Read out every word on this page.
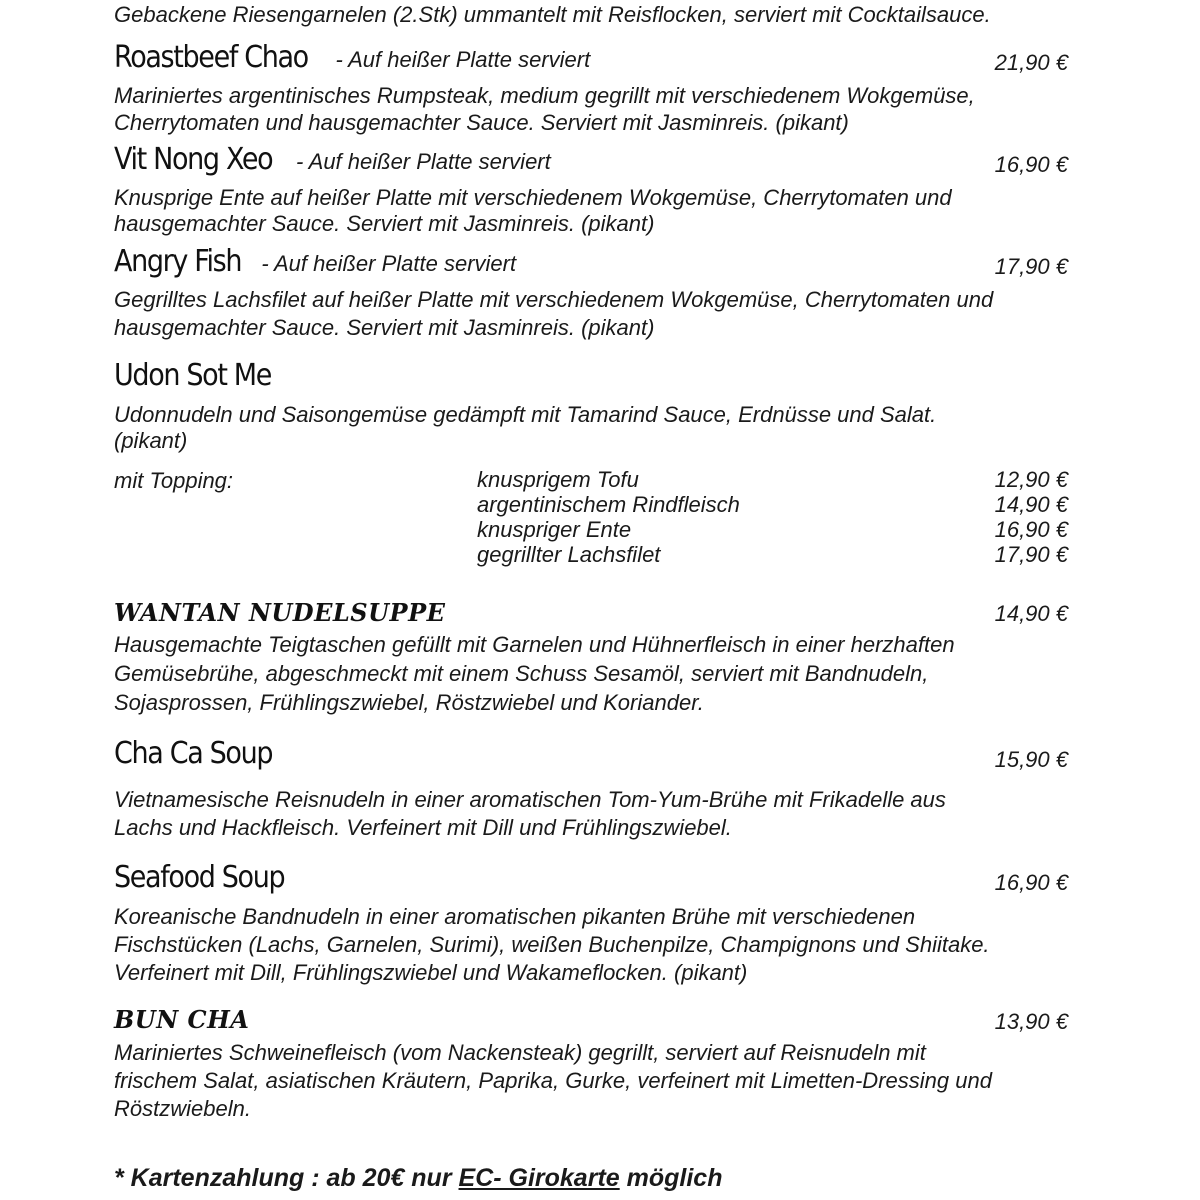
Gebackene Riesengarnelen (2.Stk) ummantelt mit Reisflocken, serviert mit Cocktailsauce.
Roastbeef Chao - Auf heißer Platte serviert	21,90 €
Mariniertes argentinisches Rumpsteak, medium gegrillt mit verschiedenem Wokgemüse,
Cherrytomaten und hausgemachter Sauce. Serviert mit Jasminreis. (pikant)
Vit Nong Xeo - Auf heißer Platte serviert	16,90 €
Knusprige Ente auf heißer Platte mit verschiedenem Wokgemüse, Cherrytomaten und
hausgemachter Sauce. Serviert mit Jasminreis. (pikant)
Angry Fish - Auf heißer Platte serviert	17,90 €
Gegrilltes Lachsfilet auf heißer Platte mit verschiedenem Wokgemüse, Cherrytomaten und
hausgemachter Sauce. Serviert mit Jasminreis. (pikant)
Udon Sot Me
Udonnudeln und Saisongemüse gedämpft mit Tamarind Sauce, Erdnüsse und Salat.
(pikant)
mit Topping:	knusprigem Tofu	12,90 €
argentinischem Rindfleisch	14,90 €
knuspriger Ente	16,90 €
gegrillter Lachsfilet	17,90 €
WANTAN NUDELSUPPE	14,90 €
Hausgemachte Teigtaschen gefüllt mit Garnelen und Hühnerfleisch in einer herzhaften
Gemüsebrühe, abgeschmeckt mit einem Schuss Sesamöl, serviert mit Bandnudeln,
Sojasprossen, Frühlingszwiebel, Röstzwiebel und Koriander.
Cha Ca Soup	15,90 €
Vietnamesische Reisnudeln in einer aromatischen Tom-Yum-Brühe mit Frikadelle aus
Lachs und Hackfleisch. Verfeinert mit Dill und Frühlingszwiebel.
Seafood Soup	16,90 €
Koreanische Bandnudeln in einer aromatischen pikanten Brühe mit verschiedenen
Fischstücken (Lachs, Garnelen, Surimi), weißen Buchenpilze, Champignons und Shiitake.
Verfeinert mit Dill, Frühlingszwiebel und Wakameflocken. (pikant)
BUN CHA	13,90 €
Mariniertes Schweinefleisch (vom Nackensteak) gegrillt, serviert auf Reisnudeln mit
frischem Salat, asiatischen Kräutern, Paprika, Gurke, verfeinert mit Limetten-Dressing und
Röstzwiebeln.
* Kartenzahlung : ab 20€ nur EC- Girokarte möglich
